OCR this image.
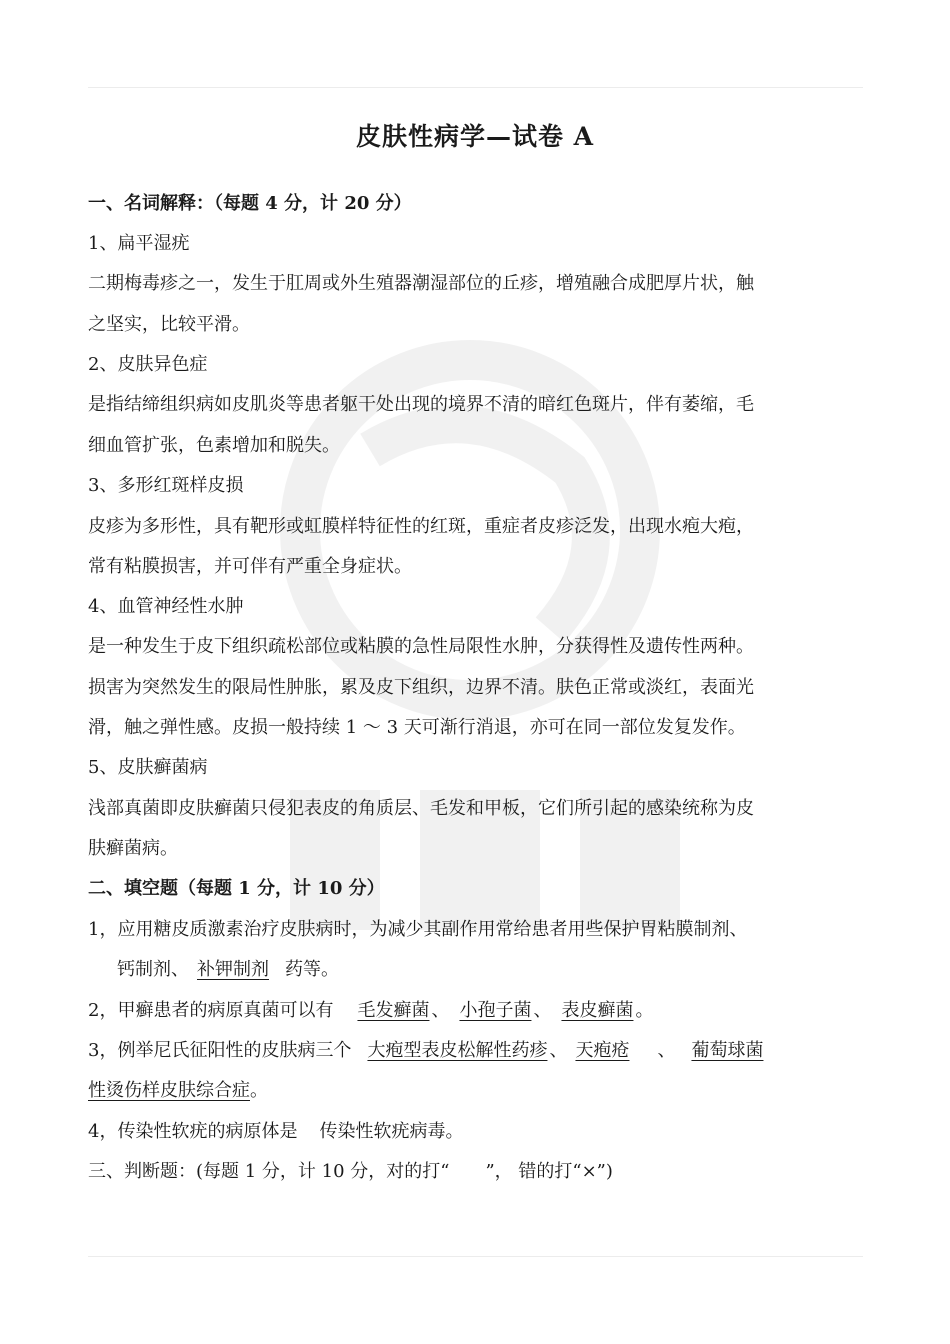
皮肤性病学—试卷 A
一、名词解释：（每题 4 分，计 20 分）
1、扁平湿疣
二期梅毒疹之一，发生于肛周或外生殖器潮湿部位的丘疹，增殖融合成肥厚片状，触
之坚实，比较平滑。
2、皮肤异色症
是指结缔组织病如皮肌炎等患者躯干处出现的境界不清的暗红色斑片，伴有萎缩，毛
细血管扩张，色素增加和脱失。
3、多形红斑样皮损
皮疹为多形性，具有靶形或虹膜样特征性的红斑，重症者皮疹泛发，出现水疱大疱，
常有粘膜损害，并可伴有严重全身症状。
4、血管神经性水肿
是一种发生于皮下组织疏松部位或粘膜的急性局限性水肿，分获得性及遗传性两种。
损害为突然发生的限局性肿胀，累及皮下组织，边界不清。肤色正常或淡红，表面光
滑，触之弹性感。皮损一般持续 1 ～ 3 天可渐行消退，亦可在同一部位发复发作。
5、皮肤癣菌病
浅部真菌即皮肤癣菌只侵犯表皮的角质层、毛发和甲板，它们所引起的感染统称为皮
肤癣菌病。
二、填空题（每题 1 分，计 10 分）
1，应用糖皮质激素治疗皮肤病时，为减少其副作用常给患者用些保护胃粘膜制剂、
钙制剂、 补钾制剂 药等。
2，甲癣患者的病原真菌可以有 毛发癣菌 、 小孢子菌 、 表皮癣菌 。
3，例举尼氏征阳性的皮肤病三个 大疱型表皮松解性药疹 、 天疱疮 、 葡萄球菌
性烫伤样皮肤综合症。
4，传染性软疣的病原体是 传染性软疣病毒。
三、判断题：(每题 1 分，计 10 分，对的打“　　”， 错的打“×”)
